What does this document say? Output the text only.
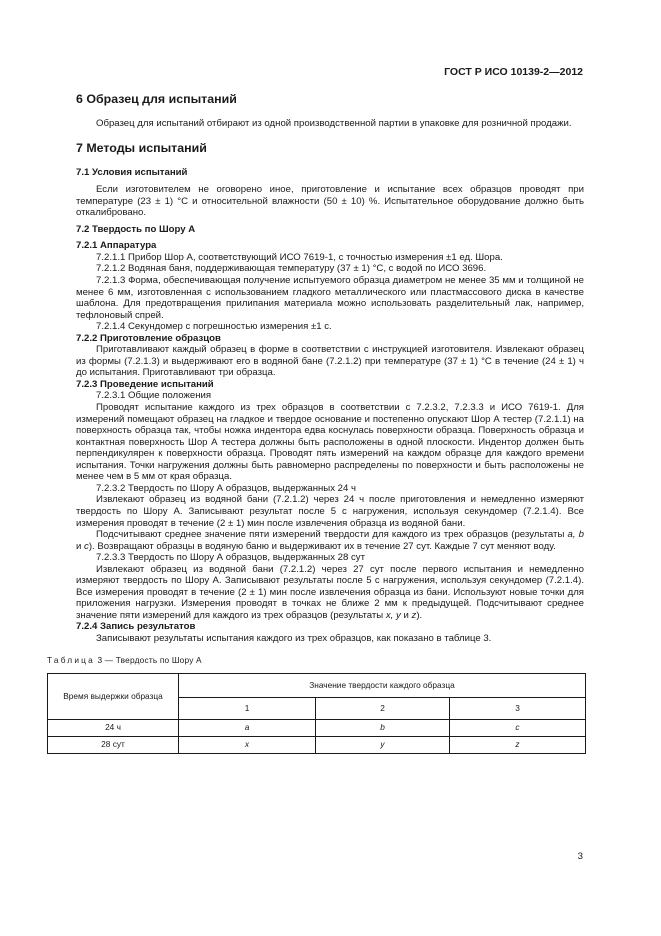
ГОСТ Р ИСО 10139-2—2012
6 Образец для испытаний

Образец для испытаний отбирают из одной производственной партии в упаковке для розничной продажи.

7 Методы испытаний
7.1 Условия испытаний

Если изготовителем не оговорено иное, приготовление и испытание всех образцов проводят при температуре (23 ± 1) °С и относительной влажности (50 ± 10) %. Испытательное оборудование должно быть откалибровано.

7.2 Твердость по Шору А
7.2.1 Аппаратура

7.2.1.1 Прибор Шор А, соответствующий ИСО 7619-1, с точностью измерения ±1 ед. Шора.

7.2.1.2 Водяная баня, поддерживающая температуру (37 ± 1) °С, с водой по ИСО 3696.

7.2.1.3 Форма, обеспечивающая получение испытуемого образца диаметром не менее 35 мм и толщиной не менее 6 мм, изготовленная с использованием гладкого металлического или пластмассового диска в качестве шаблона. Для предотвращения прилипания материала можно использовать разделительный лак, например, тефлоновый спрей.

7.2.1.4 Секундомер с погрешностью измерения ±1 с.

7.2.2 Приготовление образцов

Приготавливают каждый образец в форме в соответствии с инструкцией изготовителя. Извлекают образец из формы (7.2.1.3) и выдерживают его в водяной бане (7.2.1.2) при температуре (37 ± 1) °С в течение (24 ± 1) ч до испытания. Приготавливают три образца.

7.2.3 Проведение испытаний

7.2.3.1 Общие положения

Проводят испытание каждого из трех образцов в соответствии с 7.2.3.2, 7.2.3.3 и ИСО 7619-1. Для измерений помещают образец на гладкое и твердое основание и постепенно опускают Шор А тестер (7.2.1.1) на поверхность образца так, чтобы ножка индентора едва коснулась поверхности образца. Поверхность образца и контактная поверхность Шор А тестера должны быть расположены в одной плоскости. Индентор должен быть перпендикулярен к поверхности образца. Проводят пять измерений на каждом образце для каждого времени испытания. Точки нагружения должны быть равномерно распределены по поверхности и быть расположены не менее чем в 5 мм от края образца.

7.2.3.2 Твердость по Шору А образцов, выдержанных 24 ч

Извлекают образец из водяной бани (7.2.1.2) через 24 ч после приготовления и немедленно измеряют твердость по Шору А. Записывают результат после 5 с нагружения, используя секундомер (7.2.1.4). Все измерения проводят в течение (2 ± 1) мин после извлечения образца из водяной бани.

Подсчитывают среднее значение пяти измерений твердости для каждого из трех образцов (результаты a, b и c). Возвращают образцы в водяную баню и выдерживают их в течение 27 сут. Каждые 7 сут меняют воду.

7.2.3.3 Твердость по Шору А образцов, выдержанных 28 сут

Извлекают образец из водяной бани (7.2.1.2) через 27 сут после первого испытания и немедленно измеряют твердость по Шору А. Записывают результаты после 5 с нагружения, используя секундомер (7.2.1.4). Все измерения проводят в течение (2 ± 1) мин после извлечения образца из бани. Используют новые точки для приложения нагрузки. Измерения проводят в точках не ближе 2 мм к предыдущей. Подсчитывают среднее значение пяти измерений для каждого из трех образцов (результаты x, y и z).

7.2.4 Запись результатов

Записывают результаты испытания каждого из трех образцов, как показано в таблице 3.

Таблица 3 — Твердость по Шору А
Время выдержки образца	Значение твердости каждого образца		
	1	2	3
24 ч	a	b	c
28 сут	x	y	z
3
